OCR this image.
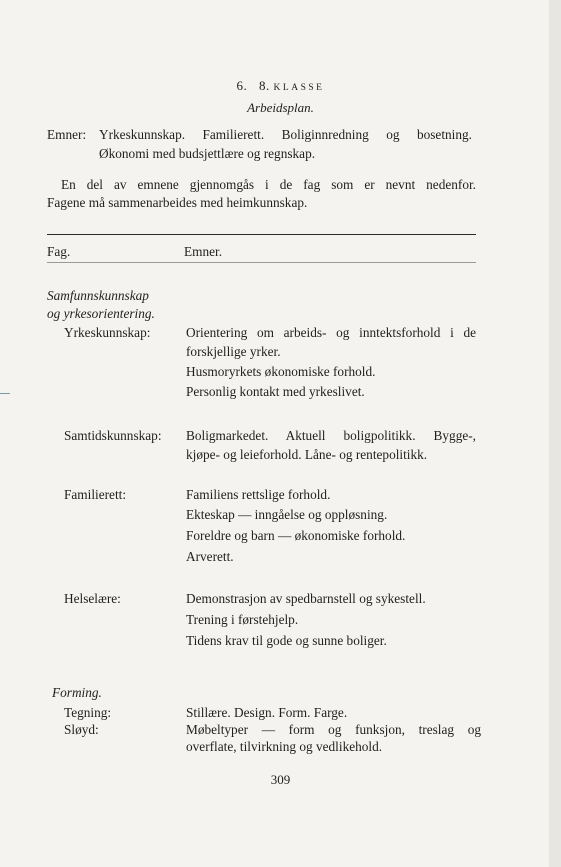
6. 8. KLASSE
Arbeidsplan.
Emner: Yrkeskunnskap. Familierett. Boliginnredning og bosetning.
Økonomi med budsjettlære og regnskap.
En del av emnene gjennomgås i de fag som er nevnt nedenfor.
Fagene må sammenarbeides med heimkunnskap.
Fag.	Emner.
Samfunnskunnskap
og yrkesorientering.
Yrkeskunnskap:	Orientering om arbeids- og inntektsforhold i de
forskjellige yrker.
Husmoryrkets økonomiske forhold.
Personlig kontakt med yrkeslivet.
Samtidskunnskap: Boligmarkedet. Aktuell boligpolitikk. Bygge-,
kjøpe- og leieforhold. Låne- og rentepolitikk.
Familierett:	Familiens rettslige forhold.
Ekteskap — inngåelse og oppløsning.
Foreldre og barn — økonomiske forhold.
Arverett.
Helselære:	Demonstrasjon av spedbarnstell og sykestell.
Trening i førstehjelp.
Tidens krav til gode og sunne boliger.
Forming.
Tegning:	Stillære. Design. Form. Farge.
Sløyd:	Møbeltyper — form og funksjon, treslag og
overflate, tilvirkning og vedlikehold.
309
